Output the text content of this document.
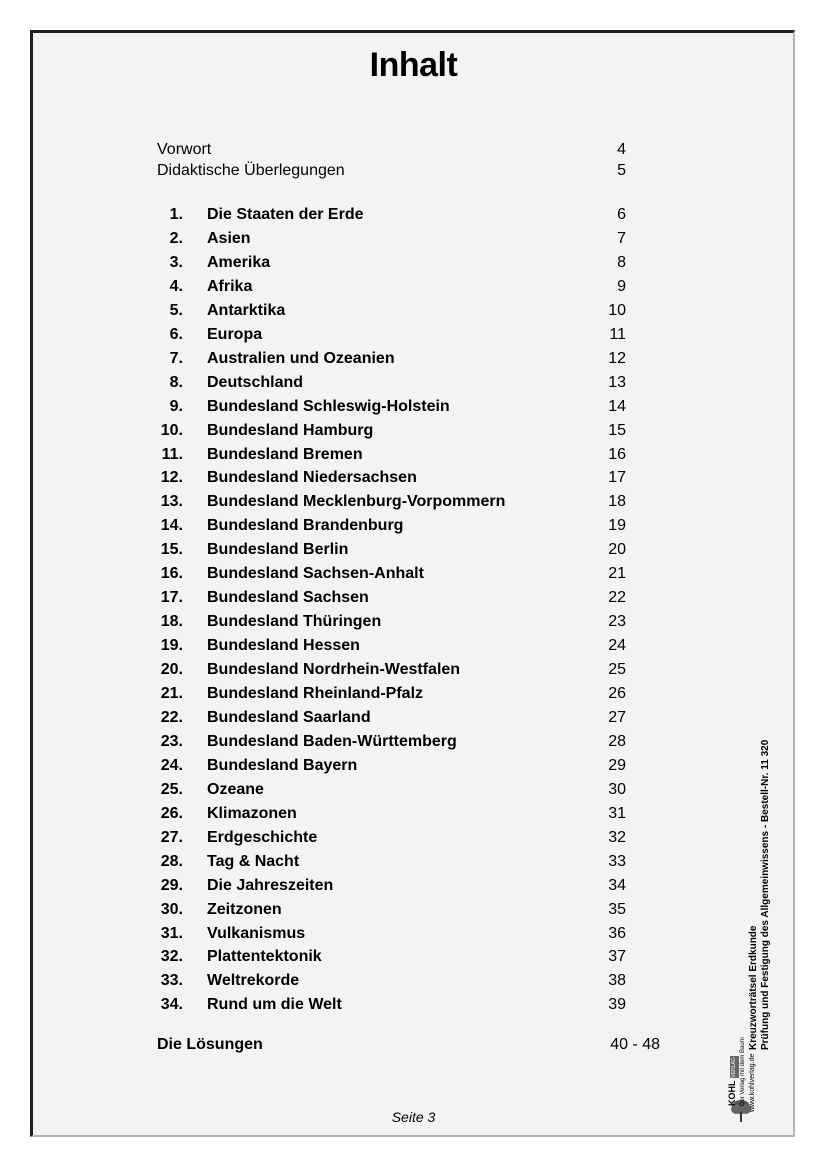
Inhalt
Vorwort	4
Didaktische Überlegungen	5
1. Die Staaten der Erde	6
2. Asien	7
3. Amerika	8
4. Afrika	9
5. Antarktika	10
6. Europa	11
7. Australien und Ozeanien	12
8. Deutschland	13
9. Bundesland Schleswig-Holstein	14
10. Bundesland Hamburg	15
11. Bundesland Bremen	16
12. Bundesland Niedersachsen	17
13. Bundesland Mecklenburg-Vorpommern	18
14. Bundesland Brandenburg	19
15. Bundesland Berlin	20
16. Bundesland Sachsen-Anhalt	21
17. Bundesland Sachsen	22
18. Bundesland Thüringen	23
19. Bundesland Hessen	24
20. Bundesland Nordrhein-Westfalen	25
21. Bundesland Rheinland-Pfalz	26
22. Bundesland Saarland	27
23. Bundesland Baden-Württemberg	28
24. Bundesland Bayern	29
25. Ozeane	30
26. Klimazonen	31
27. Erdgeschichte	32
28. Tag & Nacht	33
29. Die Jahreszeiten	34
30. Zeitzonen	35
31. Vulkanismus	36
32. Plattentektonik	37
33. Weltrekorde	38
34. Rund um die Welt	39
Die Lösungen	40 - 48
Seite 3
Kreuzworträtsel Erdkunde Prüfung und Festigung des Allgemeinwissens - Bestell-Nr. 11 320
KOHLVERLAG Der Verlag mit dem Baum www.kohlverlag.de
